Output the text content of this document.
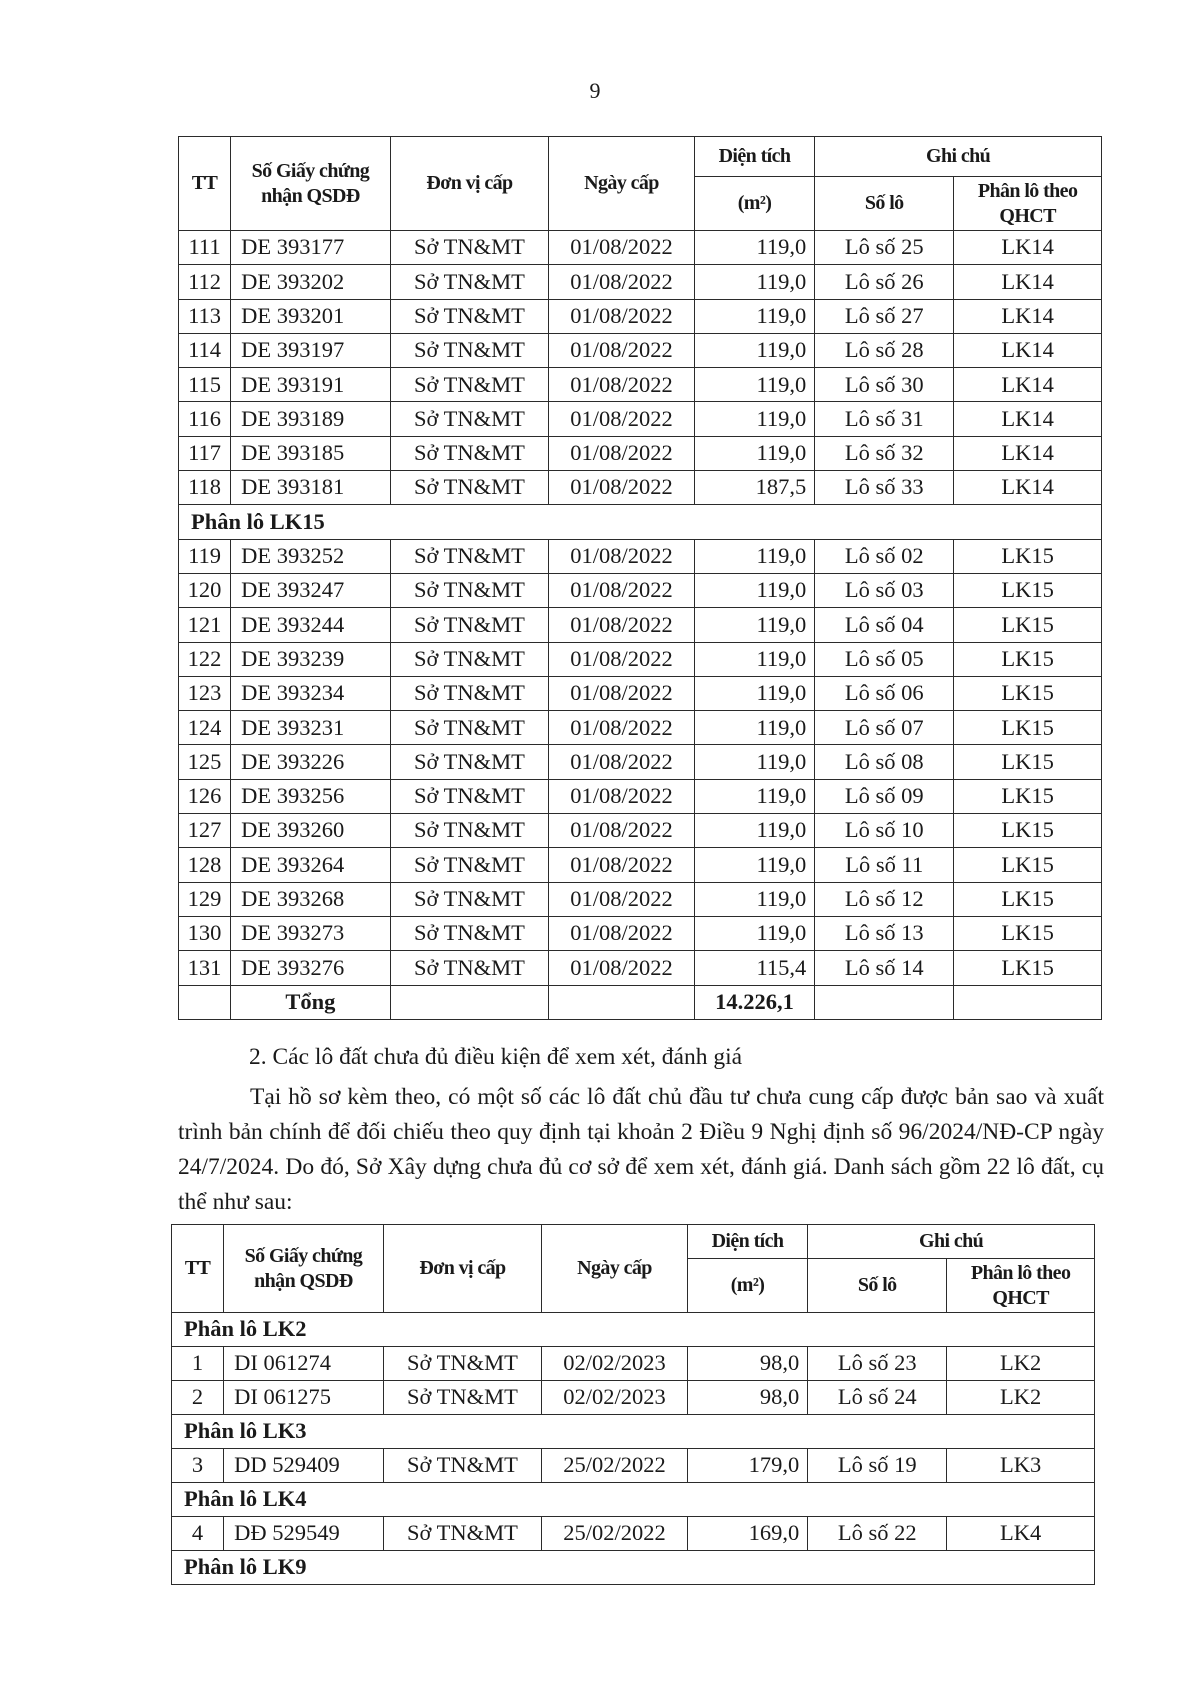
9
TT	Số Giấy chứng nhận QSDĐ	Đơn vị cấp	Ngày cấp	Diện tích	Ghi chú	
				(m²)	Số lô	Phân lô theo QHCT
111	DE 393177	Sở TN&MT	01/08/2022	119,0	Lô số 25	LK14
112	DE 393202	Sở TN&MT	01/08/2022	119,0	Lô số 26	LK14
113	DE 393201	Sở TN&MT	01/08/2022	119,0	Lô số 27	LK14
114	DE 393197	Sở TN&MT	01/08/2022	119,0	Lô số 28	LK14
115	DE 393191	Sở TN&MT	01/08/2022	119,0	Lô số 30	LK14
116	DE 393189	Sở TN&MT	01/08/2022	119,0	Lô số 31	LK14
117	DE 393185	Sở TN&MT	01/08/2022	119,0	Lô số 32	LK14
118	DE 393181	Sở TN&MT	01/08/2022	187,5	Lô số 33	LK14
Phân lô LK15						
119	DE 393252	Sở TN&MT	01/08/2022	119,0	Lô số 02	LK15
120	DE 393247	Sở TN&MT	01/08/2022	119,0	Lô số 03	LK15
121	DE 393244	Sở TN&MT	01/08/2022	119,0	Lô số 04	LK15
122	DE 393239	Sở TN&MT	01/08/2022	119,0	Lô số 05	LK15
123	DE 393234	Sở TN&MT	01/08/2022	119,0	Lô số 06	LK15
124	DE 393231	Sở TN&MT	01/08/2022	119,0	Lô số 07	LK15
125	DE 393226	Sở TN&MT	01/08/2022	119,0	Lô số 08	LK15
126	DE 393256	Sở TN&MT	01/08/2022	119,0	Lô số 09	LK15
127	DE 393260	Sở TN&MT	01/08/2022	119,0	Lô số 10	LK15
128	DE 393264	Sở TN&MT	01/08/2022	119,0	Lô số 11	LK15
129	DE 393268	Sở TN&MT	01/08/2022	119,0	Lô số 12	LK15
130	DE 393273	Sở TN&MT	01/08/2022	119,0	Lô số 13	LK15
131	DE 393276	Sở TN&MT	01/08/2022	115,4	Lô số 14	LK15
	Tổng			14.226,1		
2. Các lô đất chưa đủ điều kiện để xem xét, đánh giá
Tại hồ sơ kèm theo, có một số các lô đất chủ đầu tư chưa cung cấp được bản sao và xuất trình bản chính để đối chiếu theo quy định tại khoản 2 Điều 9 Nghị định số 96/2024/NĐ-CP ngày 24/7/2024. Do đó, Sở Xây dựng chưa đủ cơ sở để xem xét, đánh giá. Danh sách gồm 22 lô đất, cụ thể như sau:
TT	Số Giấy chứng nhận QSDĐ	Đơn vị cấp	Ngày cấp	Diện tích	Ghi chú	
				(m²)	Số lô	Phân lô theo QHCT
Phân lô LK2						
1	DI 061274	Sở TN&MT	02/02/2023	98,0	Lô số 23	LK2
2	DI 061275	Sở TN&MT	02/02/2023	98,0	Lô số 24	LK2
Phân lô LK3						
3	DD 529409	Sở TN&MT	25/02/2022	179,0	Lô số 19	LK3
Phân lô LK4						
4	DĐ 529549	Sở TN&MT	25/02/2022	169,0	Lô số 22	LK4
Phân lô LK9						
